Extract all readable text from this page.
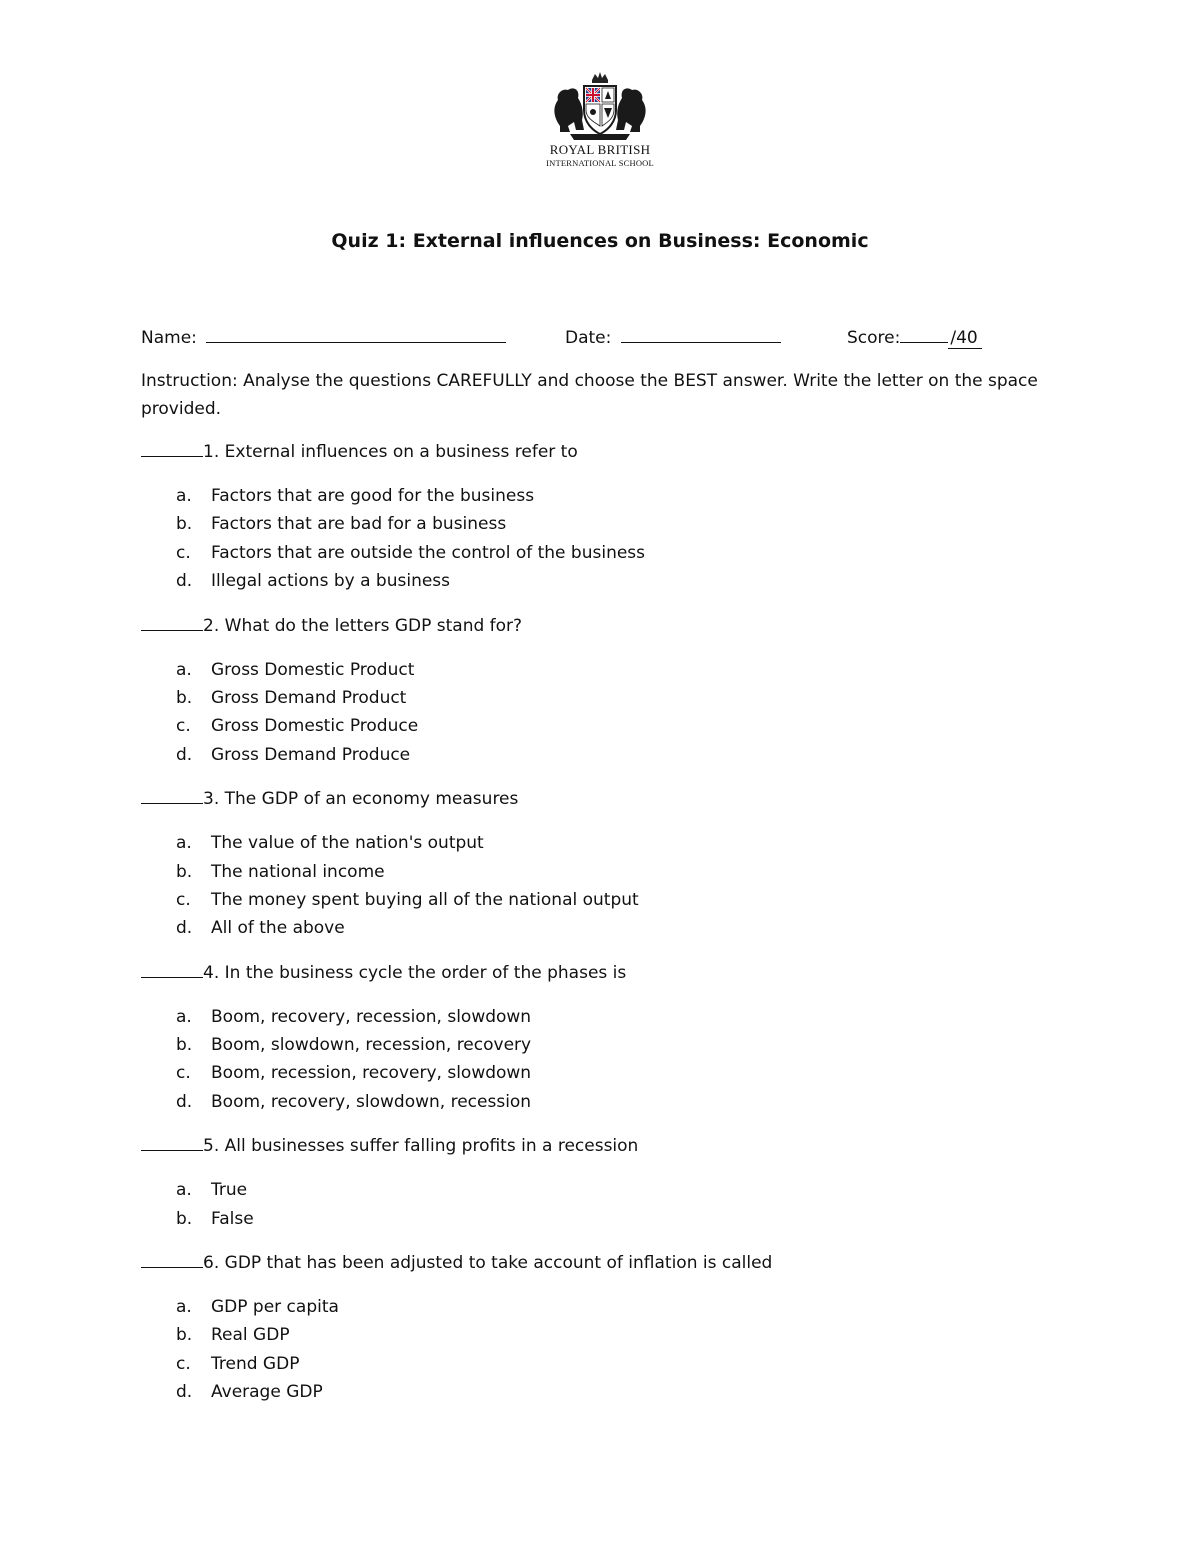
ROYAL BRITISH
INTERNATIONAL SCHOOL
Quiz 1: External influences on Business: Economic
Name:	Date:	Score:	/40
Instruction: Analyse the questions CAREFULLY and choose the BEST answer. Write the letter on the space provided.
1. External influences on a business refer to
a. Factors that are good for the business
b. Factors that are bad for a business
c. Factors that are outside the control of the business
d. Illegal actions by a business
2. What do the letters GDP stand for?
a. Gross Domestic Product
b. Gross Demand Product
c. Gross Domestic Produce
d. Gross Demand Produce
3. The GDP of an economy measures
a. The value of the nation's output
b. The national income
c. The money spent buying all of the national output
d. All of the above
4. In the business cycle the order of the phases is
a. Boom, recovery, recession, slowdown
b. Boom, slowdown, recession, recovery
c. Boom, recession, recovery, slowdown
d. Boom, recovery, slowdown, recession
5. All businesses suffer falling profits in a recession
a. True
b. False
6. GDP that has been adjusted to take account of inflation is called
a. GDP per capita
b. Real GDP
c. Trend GDP
d. Average GDP
